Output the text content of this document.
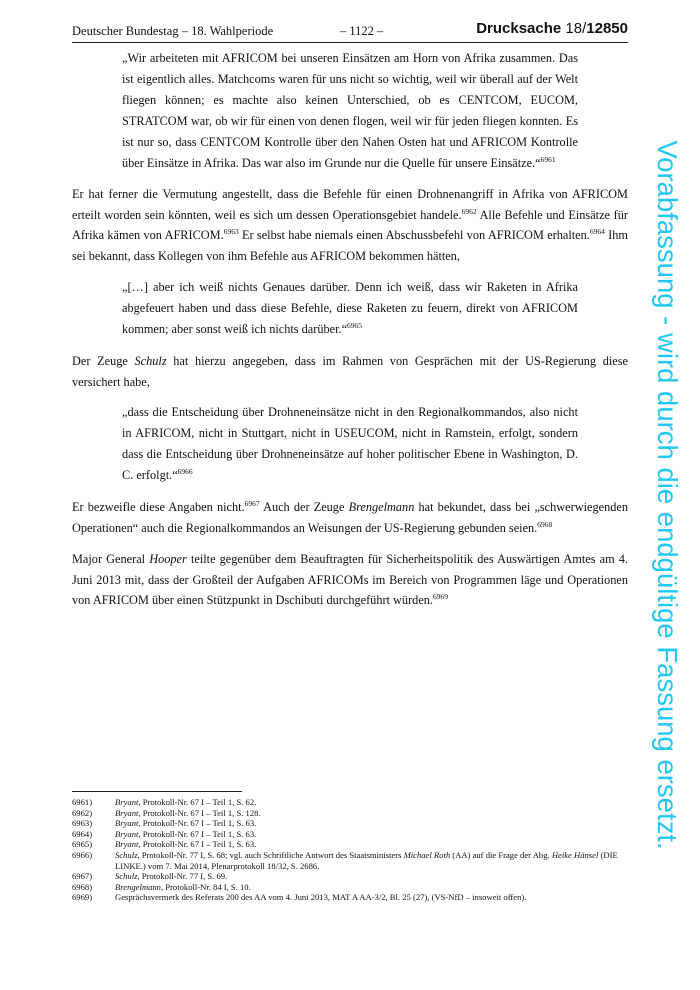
Deutscher Bundestag – 18. Wahlperiode	– 1122 –	Drucksache 18/12850

„Wir arbeiteten mit AFRICOM bei unseren Einsätzen am Horn von Afrika zusammen. Das ist eigentlich alles. Matchcoms waren für uns nicht so wichtig, weil wir überall auf der Welt fliegen können; es machte also keinen Unterschied, ob es CENTCOM, EUCOM, STRATCOM war, ob wir für einen von denen flogen, weil wir für jeden fliegen konnten. Es ist nur so, dass CENTCOM Kontrolle über den Nahen Osten hat und AFRICOM Kontrolle über Einsätze in Afrika. Das war also im Grunde nur die Quelle für unsere Einsätze.“$^{6961}$

Er hat ferner die Vermutung angestellt, dass die Befehle für einen Drohnenangriff in Afrika von AFRICOM erteilt worden sein könnten, weil es sich um dessen Operationsgebiet handele.$^{6962}$ Alle Befehle und Einsätze für Afrika kämen von AFRICOM.$^{6963}$ Er selbst habe niemals einen Abschussbefehl von AFRICOM erhalten.$^{6964}$ Ihm sei bekannt, dass Kollegen von ihm Befehle aus AFRICOM bekommen hätten,

„[…] aber ich weiß nichts Genaues darüber. Denn ich weiß, dass wir Raketen in Afrika abgefeuert haben und dass diese Befehle, diese Raketen zu feuern, direkt von AFRICOM kommen; aber sonst weiß ich nichts darüber.“$^{6965}$

Der Zeuge Schulz hat hierzu angegeben, dass im Rahmen von Gesprächen mit der US-Regierung diese versichert habe,

„dass die Entscheidung über Drohneneinsätze nicht in den Regionalkommandos, also nicht in AFRICOM, nicht in Stuttgart, nicht in USEUCOM, nicht in Ramstein, erfolgt, sondern dass die Entscheidung über Drohneneinsätze auf hoher politischer Ebene in Washington, D. C. erfolgt.“$^{6966}$

Er bezweifle diese Angaben nicht.$^{6967}$ Auch der Zeuge Brengelmann hat bekundet, dass bei „schwerwiegenden Operationen“ auch die Regionalkommandos an Weisungen der US-Regierung gebunden seien.$^{6968}$

Major General Hooper teilte gegenüber dem Beauftragten für Sicherheitspolitik des Auswärtigen Amtes am 4. Juni 2013 mit, dass der Großteil der Aufgaben AFRICOMs im Bereich von Programmen läge und Operationen von AFRICOM über einen Stützpunkt in Dschibuti durchgeführt würden.$^{6969}$

6961)	Bryant, Protokoll-Nr. 67 I – Teil 1, S. 62.
6962)	Bryant, Protokoll-Nr. 67 I – Teil 1, S. 128.
6963)	Bryant, Protokoll-Nr. 67 I – Teil 1, S. 63.
6964)	Bryant, Protokoll-Nr. 67 I – Teil 1, S. 63.
6965)	Bryant, Protokoll-Nr. 67 I – Teil 1, S. 63.
6966)	Schulz, Protokoll-Nr. 77 I, S. 68; vgl. auch Schriftliche Antwort des Staatsministers Michael Roth (AA) auf die Frage der Abg. Heike Hänsel (DIE LINKE.) vom 7. Mai 2014, Plenarprotokoll 18/32, S. 2686.
6967)	Schulz, Protokoll-Nr. 77 I, S. 69.
6968)	Brengelmann, Protokoll-Nr. 84 I, S. 10.
6969)	Gesprächsvermerk des Referats 200 des AA vom 4. Juni 2013, MAT A AA-3/2, Bl. 25 (27), (VS-NfD – insoweit offen).
Vorabfassung - wird durch die endgültige Fassung ersetzt.
